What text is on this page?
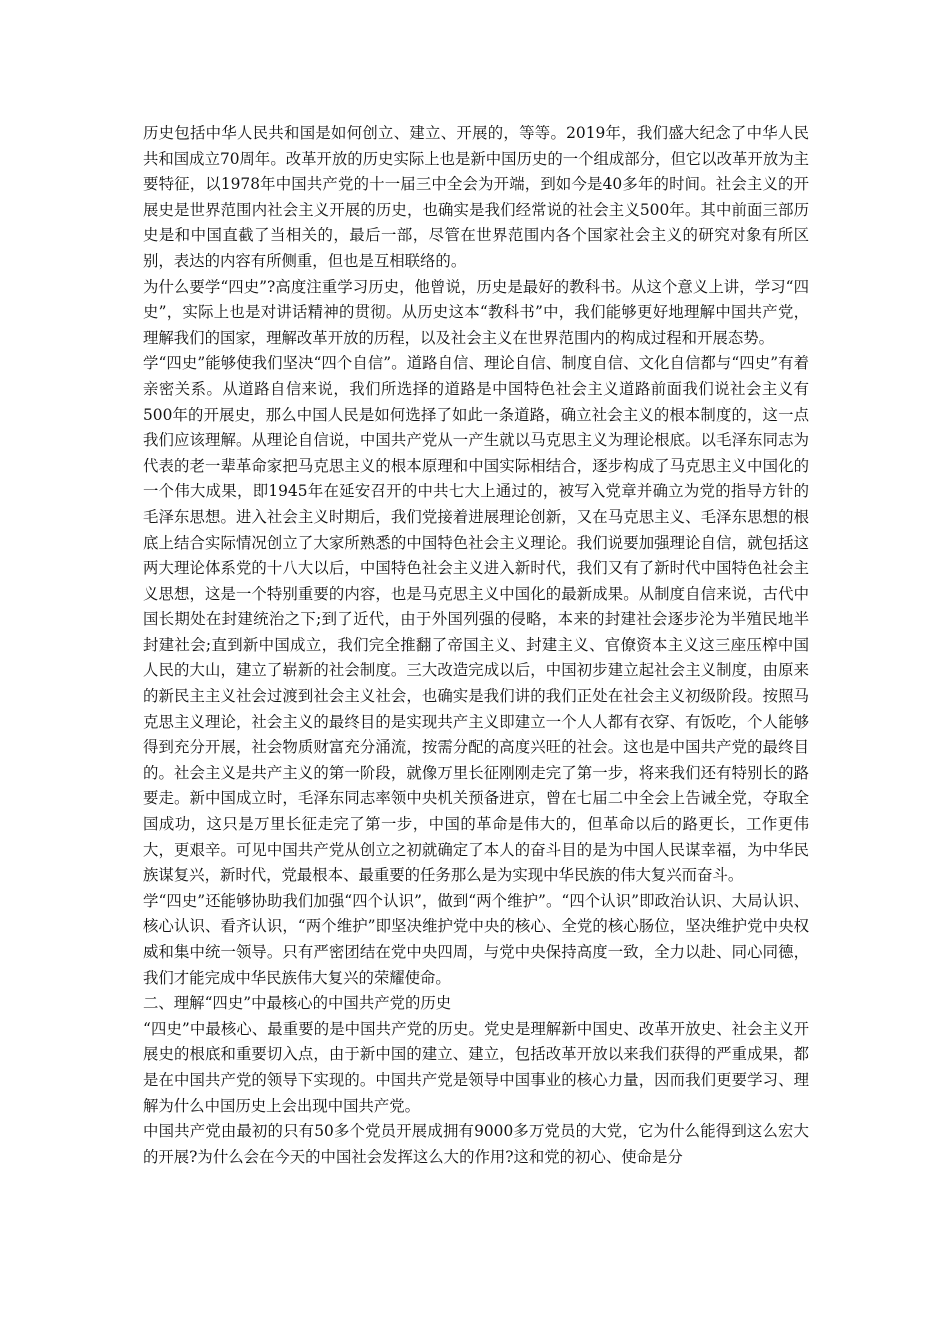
历史包括中华人民共和国是如何创立、建立、开展的，等等。2019年，我们盛大纪念了中华人民共和国成立70周年。改革开放的历史实际上也是新中国历史的一个组成部分，但它以改革开放为主要特征，以1978年中国共产党的十一届三中全会为开端，到如今是40多年的时间。社会主义的开展史是世界范围内社会主义开展的历史，也确实是我们经常说的社会主义500年。其中前面三部历史是和中国直截了当相关的，最后一部，尽管在世界范围内各个国家社会主义的研究对象有所区别，表达的内容有所侧重，但也是互相联络的。

为什么要学“四史”?高度注重学习历史，他曾说，历史是最好的教科书。从这个意义上讲，学习“四史”，实际上也是对讲话精神的贯彻。从历史这本“教科书”中，我们能够更好地理解中国共产党，理解我们的国家，理解改革开放的历程，以及社会主义在世界范围内的构成过程和开展态势。

学“四史”能够使我们坚决“四个自信”。道路自信、理论自信、制度自信、文化自信都与“四史”有着亲密关系。从道路自信来说，我们所选择的道路是中国特色社会主义道路前面我们说社会主义有500年的开展史，那么中国人民是如何选择了如此一条道路，确立社会主义的根本制度的，这一点我们应该理解。从理论自信说，中国共产党从一产生就以马克思主义为理论根底。以毛泽东同志为代表的老一辈革命家把马克思主义的根本原理和中国实际相结合，逐步构成了马克思主义中国化的一个伟大成果，即1945年在延安召开的中共七大上通过的，被写入党章并确立为党的指导方针的毛泽东思想。进入社会主义时期后，我们党接着进展理论创新，又在马克思主义、毛泽东思想的根底上结合实际情况创立了大家所熟悉的中国特色社会主义理论。我们说要加强理论自信，就包括这两大理论体系党的十八大以后，中国特色社会主义进入新时代，我们又有了新时代中国特色社会主义思想，这是一个特别重要的内容，也是马克思主义中国化的最新成果。从制度自信来说，古代中国长期处在封建统治之下;到了近代，由于外国列强的侵略，本来的封建社会逐步沦为半殖民地半封建社会;直到新中国成立，我们完全推翻了帝国主义、封建主义、官僚资本主义这三座压榨中国人民的大山，建立了崭新的社会制度。三大改造完成以后，中国初步建立起社会主义制度，由原来的新民主主义社会过渡到社会主义社会，也确实是我们讲的我们正处在社会主义初级阶段。按照马克思主义理论，社会主义的最终目的是实现共产主义即建立一个人人都有衣穿、有饭吃，个人能够得到充分开展，社会物质财富充分涌流，按需分配的高度兴旺的社会。这也是中国共产党的最终目的。社会主义是共产主义的第一阶段，就像万里长征刚刚走完了第一步，将来我们还有特别长的路要走。新中国成立时，毛泽东同志率领中央机关预备进京，曾在七届二中全会上告诫全党，夺取全国成功，这只是万里长征走完了第一步，中国的革命是伟大的，但革命以后的路更长，工作更伟大，更艰辛。可见中国共产党从创立之初就确定了本人的奋斗目的是为中国人民谋幸福，为中华民族谋复兴，新时代，党最根本、最重要的任务那么是为实现中华民族的伟大复兴而奋斗。

学“四史”还能够协助我们加强“四个认识”，做到“两个维护”。“四个认识”即政治认识、大局认识、核心认识、看齐认识，“两个维护”即坚决维护党中央的核心、全党的核心肠位，坚决维护党中央权威和集中统一领导。只有严密团结在党中央四周，与党中央保持高度一致，全力以赴、同心同德，我们才能完成中华民族伟大复兴的荣耀使命。

二、理解“四史”中最核心的中国共产党的历史

“四史”中最核心、最重要的是中国共产党的历史。党史是理解新中国史、改革开放史、社会主义开展史的根底和重要切入点，由于新中国的建立、建立，包括改革开放以来我们获得的严重成果，都是在中国共产党的领导下实现的。中国共产党是领导中国事业的核心力量，因而我们更要学习、理解为什么中国历史上会出现中国共产党。

中国共产党由最初的只有50多个党员开展成拥有9000多万党员的大党，它为什么能得到这么宏大的开展?为什么会在今天的中国社会发挥这么大的作用?这和党的初心、使命是分
